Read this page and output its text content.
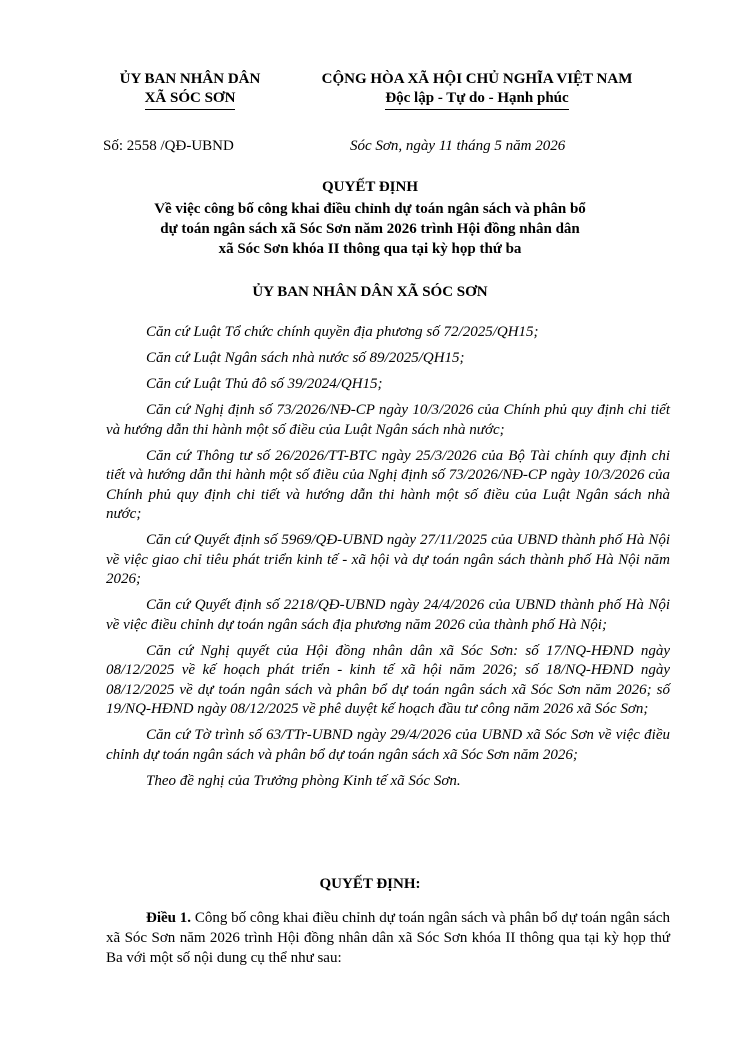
ỦY BAN NHÂN DÂN
XÃ SÓC SƠN
CỘNG HÒA XÃ HỘI CHỦ NGHĨA VIỆT NAM
Độc lập - Tự do - Hạnh phúc
Số: 2558 /QĐ-UBND	Sóc Sơn, ngày 11 tháng 5 năm 2026
QUYẾT ĐỊNH
Về việc công bố công khai điều chỉnh dự toán ngân sách và phân bổ
dự toán ngân sách xã Sóc Sơn năm 2026 trình Hội đồng nhân dân
xã Sóc Sơn khóa II thông qua tại kỳ họp thứ ba
ỦY BAN NHÂN DÂN XÃ SÓC SƠN

Căn cứ Luật Tổ chức chính quyền địa phương số 72/2025/QH15;

Căn cứ Luật Ngân sách nhà nước số 89/2025/QH15;

Căn cứ Luật Thủ đô số 39/2024/QH15;

Căn cứ Nghị định số 73/2026/NĐ-CP ngày 10/3/2026 của Chính phủ quy định chi tiết và hướng dẫn thi hành một số điều của Luật Ngân sách nhà nước;

Căn cứ Thông tư số 26/2026/TT-BTC ngày 25/3/2026 của Bộ Tài chính quy định chi tiết và hướng dẫn thi hành một số điều của Nghị định số 73/2026/NĐ-CP ngày 10/3/2026 của Chính phủ quy định chi tiết và hướng dẫn thi hành một số điều của Luật Ngân sách nhà nước;

Căn cứ Quyết định số 5969/QĐ-UBND ngày 27/11/2025 của UBND thành phố Hà Nội về việc giao chỉ tiêu phát triển kinh tế - xã hội và dự toán ngân sách thành phố Hà Nội năm 2026;

Căn cứ Quyết định số 2218/QĐ-UBND ngày 24/4/2026 của UBND thành phố Hà Nội về việc điều chỉnh dự toán ngân sách địa phương năm 2026 của thành phố Hà Nội;

Căn cứ Nghị quyết của Hội đồng nhân dân xã Sóc Sơn: số 17/NQ-HĐND ngày 08/12/2025 về kế hoạch phát triển - kinh tế xã hội năm 2026; số 18/NQ-HĐND ngày 08/12/2025 về dự toán ngân sách và phân bổ dự toán ngân sách xã Sóc Sơn năm 2026; số 19/NQ-HĐND ngày 08/12/2025 về phê duyệt kế hoạch đầu tư công năm 2026 xã Sóc Sơn;

Căn cứ Tờ trình số 63/TTr-UBND ngày 29/4/2026 của UBND xã Sóc Sơn về việc điều chỉnh dự toán ngân sách và phân bổ dự toán ngân sách xã Sóc Sơn năm 2026;

Theo đề nghị của Trưởng phòng Kinh tế xã Sóc Sơn.

QUYẾT ĐỊNH:

Điều 1. Công bố công khai điều chỉnh dự toán ngân sách và phân bổ dự toán ngân sách xã Sóc Sơn năm 2026 trình Hội đồng nhân dân xã Sóc Sơn khóa II thông qua tại kỳ họp thứ Ba với một số nội dung cụ thể như sau:
